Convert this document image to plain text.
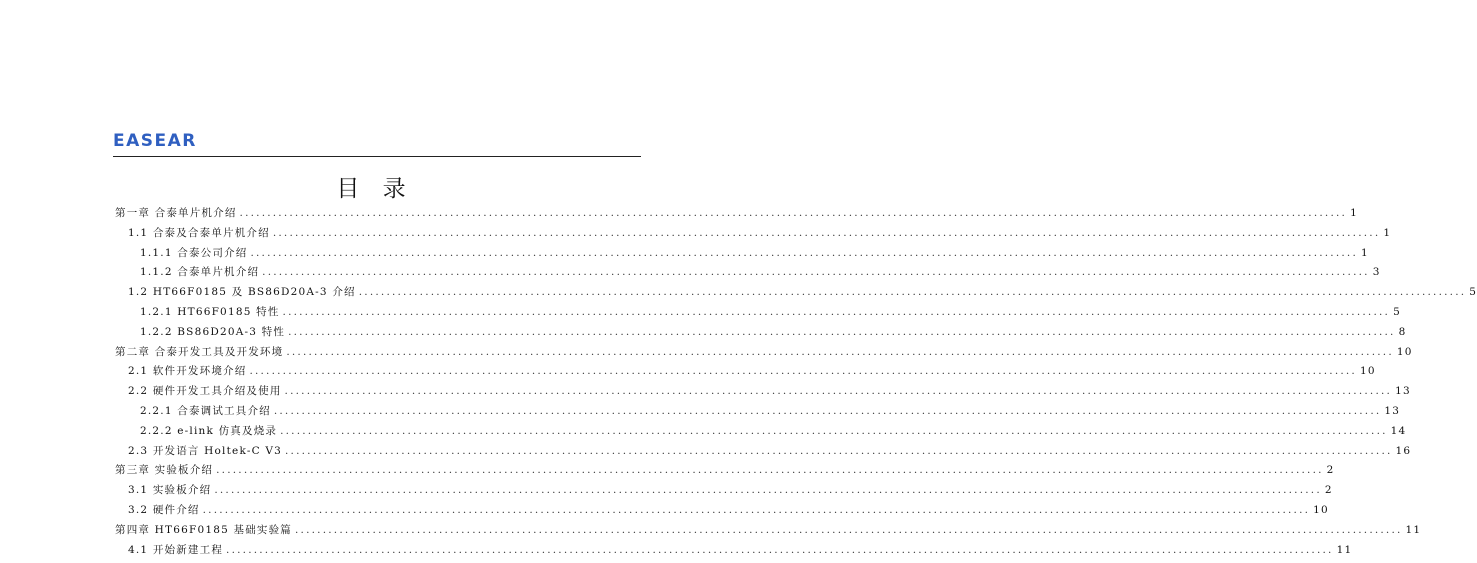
EASEAR
目 录
第一章 合泰单片机介绍 ........................................................................................................................................................................................................ 1
1.1 合泰及合泰单片机介绍 ........................................................................................................................................................................................................ 1
1.1.1 合泰公司介绍 ........................................................................................................................................................................................................ 1
1.1.2 合泰单片机介绍 ........................................................................................................................................................................................................ 3
1.2 HT66F0185 及 BS86D20A-3 介绍 ........................................................................................................................................................................................................ 5
1.2.1 HT66F0185 特性 ........................................................................................................................................................................................................ 5
1.2.2 BS86D20A-3 特性 ........................................................................................................................................................................................................ 8
第二章 合泰开发工具及开发环境 ........................................................................................................................................................................................................ 10
2.1 软件开发环境介绍 ........................................................................................................................................................................................................ 10
2.2 硬件开发工具介绍及使用 ........................................................................................................................................................................................................ 13
2.2.1 合泰调试工具介绍 ........................................................................................................................................................................................................ 13
2.2.2 e-link 仿真及烧录 ........................................................................................................................................................................................................ 14
2.3 开发语言 Holtek-C V3 ........................................................................................................................................................................................................ 16
第三章 实验板介绍 ........................................................................................................................................................................................................ 2
3.1 实验板介绍 ........................................................................................................................................................................................................ 2
3.2 硬件介绍 ........................................................................................................................................................................................................ 10
第四章 HT66F0185 基础实验篇 ........................................................................................................................................................................................................ 11
4.1 开始新建工程 ........................................................................................................................................................................................................ 11
